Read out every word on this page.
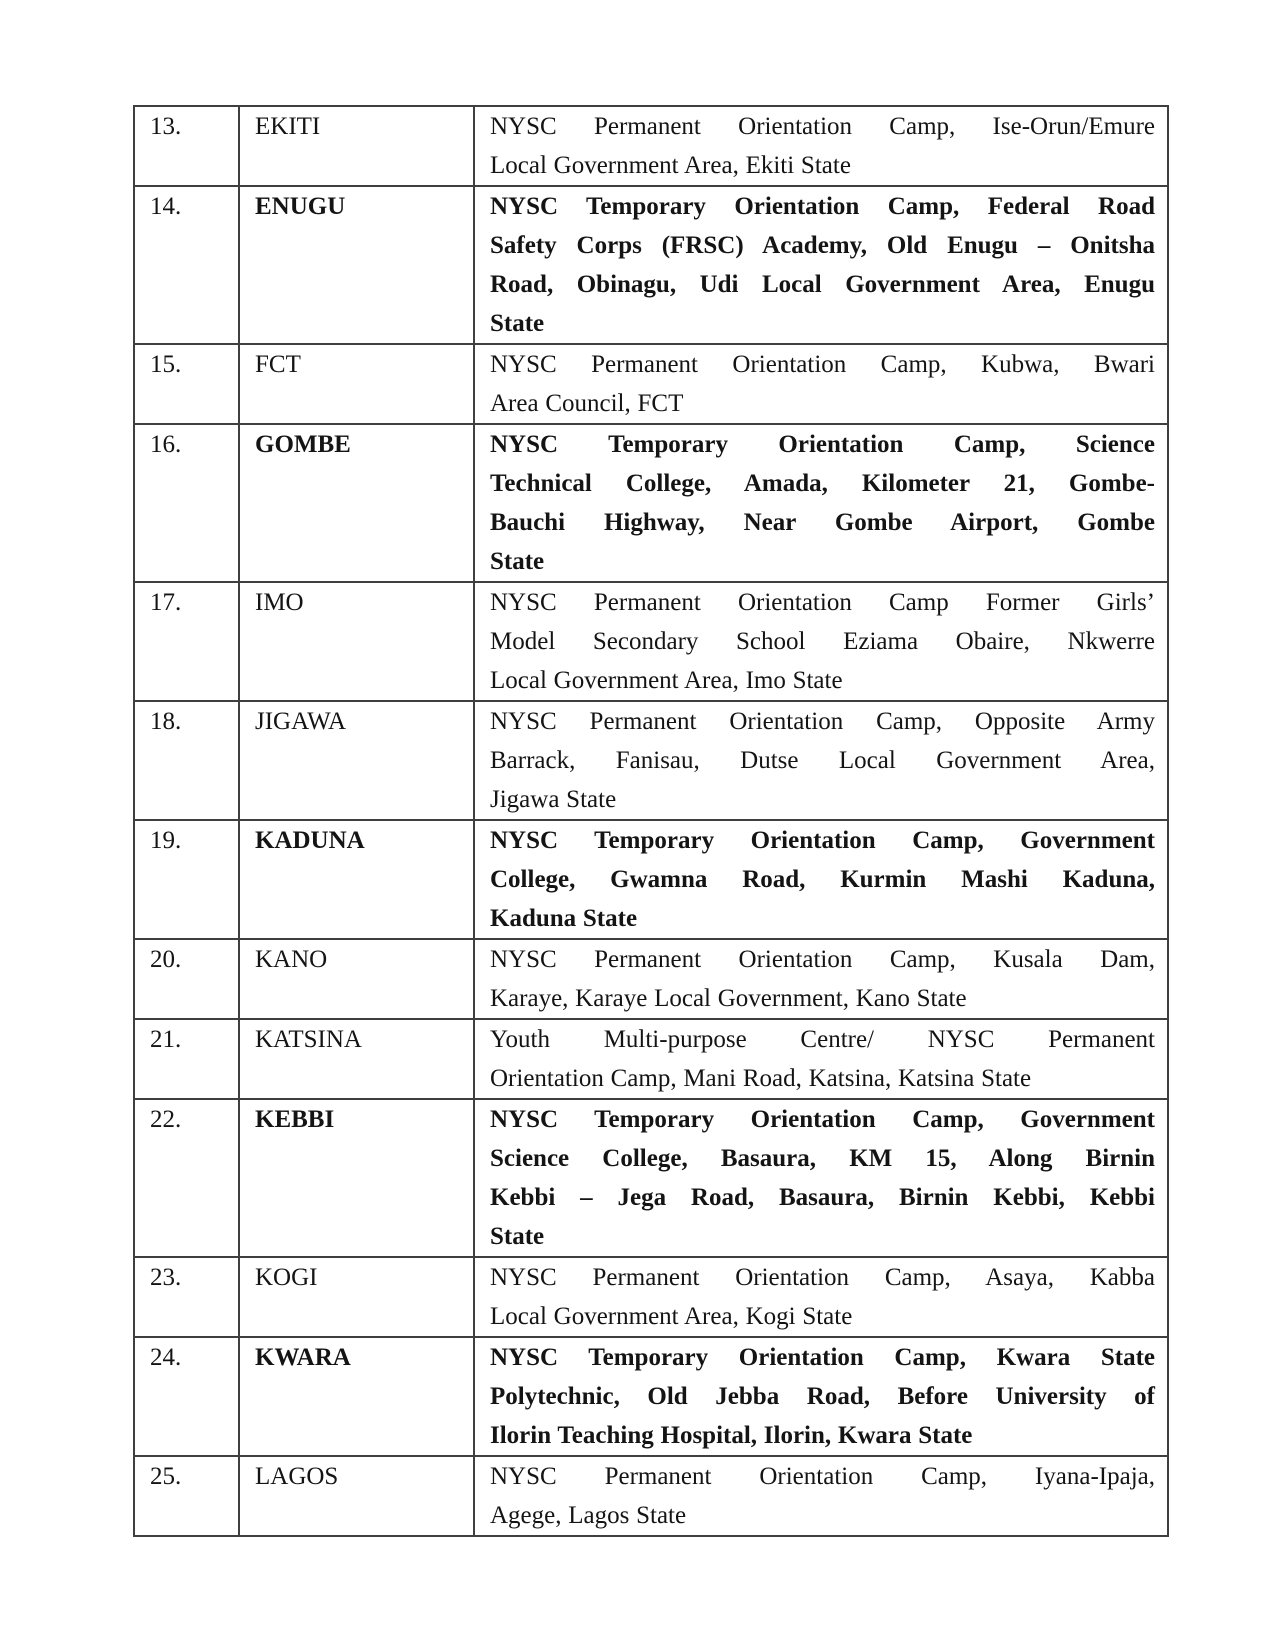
13.	EKITI	NYSC Permanent Orientation Camp, Ise-Orun/Emure
Local Government Area, Ekiti State

14.	ENUGU	NYSC Temporary Orientation Camp, Federal Road
Safety Corps (FRSC) Academy, Old Enugu – Onitsha
Road, Obinagu, Udi Local Government Area, Enugu
State

15.	FCT	NYSC Permanent Orientation Camp, Kubwa, Bwari
Area Council, FCT

16.	GOMBE	NYSC Temporary Orientation Camp, Science
Technical College, Amada, Kilometer 21, Gombe-
Bauchi Highway, Near Gombe Airport, Gombe
State

17.	IMO	NYSC Permanent Orientation Camp Former Girls’
Model Secondary School Eziama Obaire, Nkwerre
Local Government Area, Imo State

18.	JIGAWA	NYSC Permanent Orientation Camp, Opposite Army
Barrack, Fanisau, Dutse Local Government Area,
Jigawa State

19.	KADUNA	NYSC Temporary Orientation Camp, Government
College, Gwamna Road, Kurmin Mashi Kaduna,
Kaduna State

20.	KANO	NYSC Permanent Orientation Camp, Kusala Dam,
Karaye, Karaye Local Government, Kano State

21.	KATSINA	Youth Multi-purpose Centre/ NYSC Permanent
Orientation Camp, Mani Road, Katsina, Katsina State

22.	KEBBI	NYSC Temporary Orientation Camp, Government
Science College, Basaura, KM 15, Along Birnin
Kebbi – Jega Road, Basaura, Birnin Kebbi, Kebbi
State

23.	KOGI	NYSC Permanent Orientation Camp, Asaya, Kabba
Local Government Area, Kogi State

24.	KWARA	NYSC Temporary Orientation Camp, Kwara State
Polytechnic, Old Jebba Road, Before University of
Ilorin Teaching Hospital, Ilorin, Kwara State

25.	LAGOS	NYSC Permanent Orientation Camp, Iyana-Ipaja,
Agege, Lagos State
